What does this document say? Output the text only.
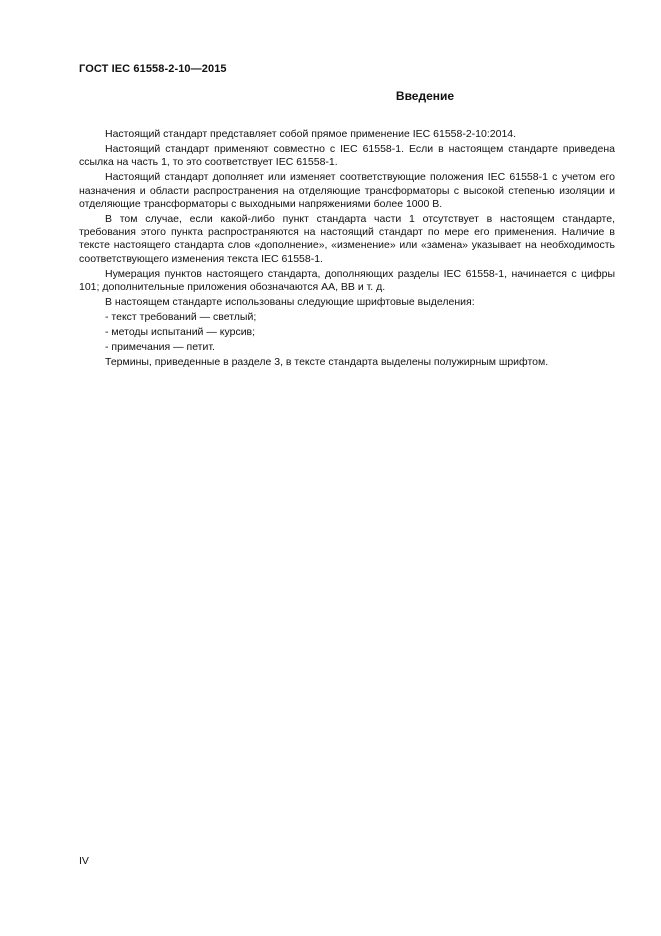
ГОСТ IEC 61558-2-10—2015

Введение

Настоящий стандарт представляет собой прямое применение IEC 61558-2-10:2014.

Настоящий стандарт применяют совместно с IEC 61558-1. Если в настоящем стандарте приведена ссылка на часть 1, то это соответствует IEC 61558-1.

Настоящий стандарт дополняет или изменяет соответствующие положения IEC 61558-1 с учетом его назначения и области распространения на отделяющие трансформаторы с высокой степенью изоляции и отделяющие трансформаторы с выходными напряжениями более 1000 В.

В том случае, если какой-либо пункт стандарта части 1 отсутствует в настоящем стандарте, требования этого пункта распространяются на настоящий стандарт по мере его применения. Наличие в тексте настоящего стандарта слов «дополнение», «изменение» или «замена» указывает на необходимость соответствующего изменения текста IEC 61558-1.

Нумерация пунктов настоящего стандарта, дополняющих разделы IEC 61558-1, начинается с цифры 101; дополнительные приложения обозначаются АА, ВВ и т. д.

В настоящем стандарте использованы следующие шрифтовые выделения:

- текст требований — светлый;
- методы испытаний — курсив;
- примечания — петит.

Термины, приведенные в разделе 3, в тексте стандарта выделены полужирным шрифтом.

IV
